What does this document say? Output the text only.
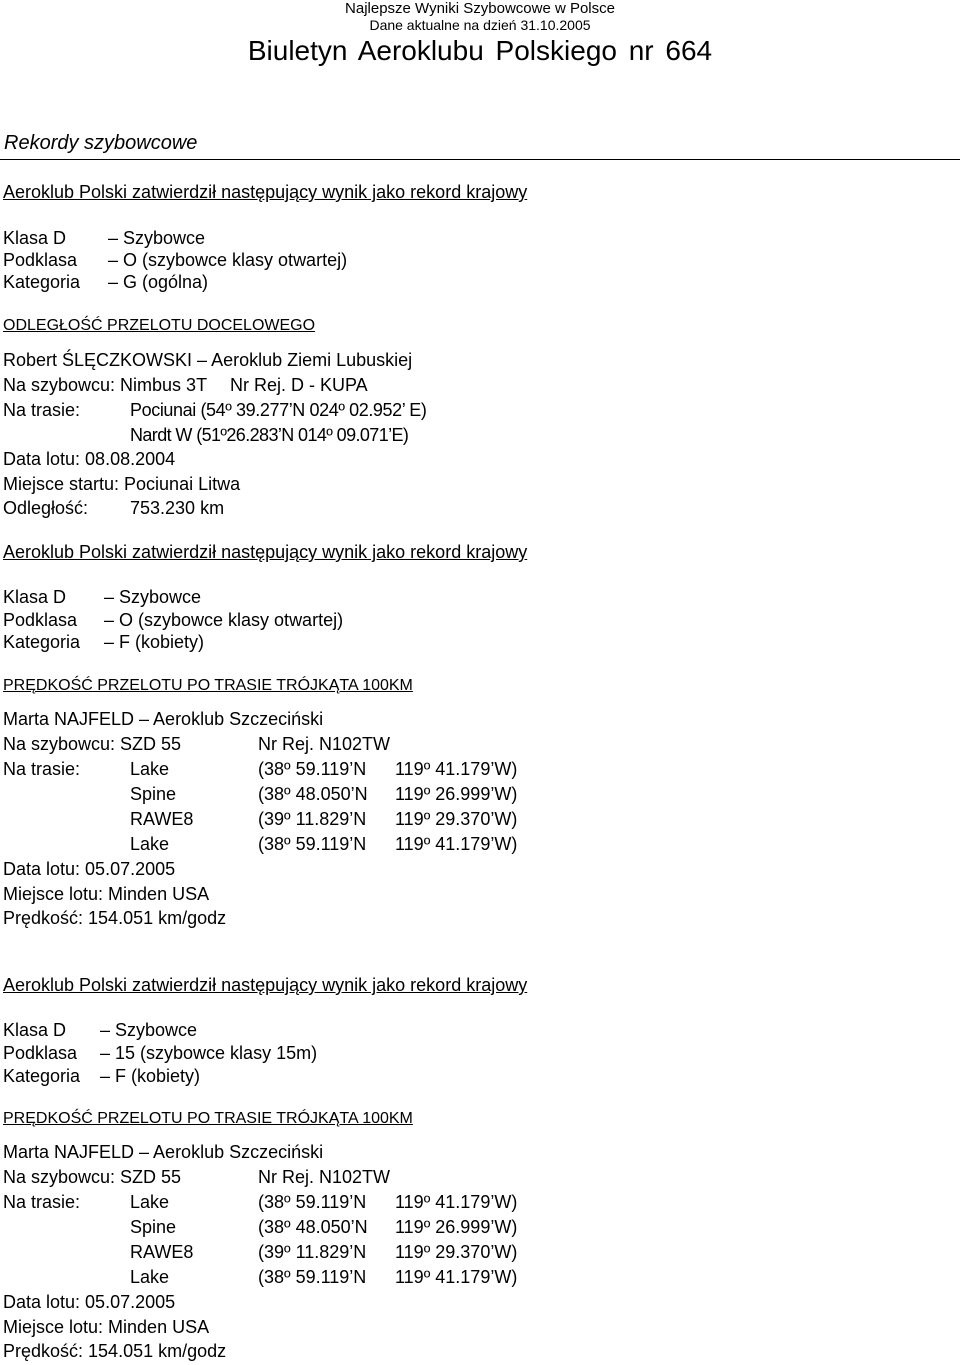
Najlepsze Wyniki Szybowcowe w Polsce
Dane aktualne na dzień 31.10.2005
Biuletyn Aeroklubu Polskiego nr 664
Rekordy szybowcowe
Aeroklub Polski zatwierdził następujący wynik jako rekord krajowy
Klasa D – Szybowce
Podklasa – O (szybowce klasy otwartej)
Kategoria – G (ogólna)
ODLEGŁOŚĆ PRZELOTU DOCELOWEGO
Robert ŚLĘCZKOWSKI – Aeroklub Ziemi Lubuskiej
Na szybowcu: Nimbus 3T Nr Rej. D - KUPA
Na trasie:	Pociunai (54º 39.277’N 024º 02.952’ E)
Nardt W (51º26.283’N 014º 09.071’E)
Data lotu: 08.08.2004
Miejsce startu: Pociunai Litwa
Odległość: 753.230 km
Aeroklub Polski zatwierdził następujący wynik jako rekord krajowy
Klasa D – Szybowce
Podklasa – O (szybowce klasy otwartej)
Kategoria – F (kobiety)
PRĘDKOŚĆ PRZELOTU PO TRASIE TRÓJKĄTA 100KM
Marta NAJFELD – Aeroklub Szczeciński
Na szybowcu: SZD 55	Nr Rej. N102TW
Na trasie:	Lake	(38º 59.119’N 119º 41.179’W)
Spine	(38º 48.050’N 119º 26.999’W)
RAWE8	(39º 11.829’N 119º 29.370’W)
Lake	(38º 59.119’N 119º 41.179’W)
Data lotu: 05.07.2005
Miejsce lotu: Minden USA
Prędkość: 154.051 km/godz
Aeroklub Polski zatwierdził następujący wynik jako rekord krajowy
Klasa D – Szybowce
Podklasa – 15 (szybowce klasy 15m)
Kategoria – F (kobiety)
PRĘDKOŚĆ PRZELOTU PO TRASIE TRÓJKĄTA 100KM
Marta NAJFELD – Aeroklub Szczeciński
Na szybowcu: SZD 55	Nr Rej. N102TW
Na trasie:	Lake	(38º 59.119’N 119º 41.179’W)
Spine	(38º 48.050’N 119º 26.999’W)
RAWE8	(39º 11.829’N 119º 29.370’W)
Lake	(38º 59.119’N 119º 41.179’W)
Data lotu: 05.07.2005
Miejsce lotu: Minden USA
Prędkość: 154.051 km/godz
